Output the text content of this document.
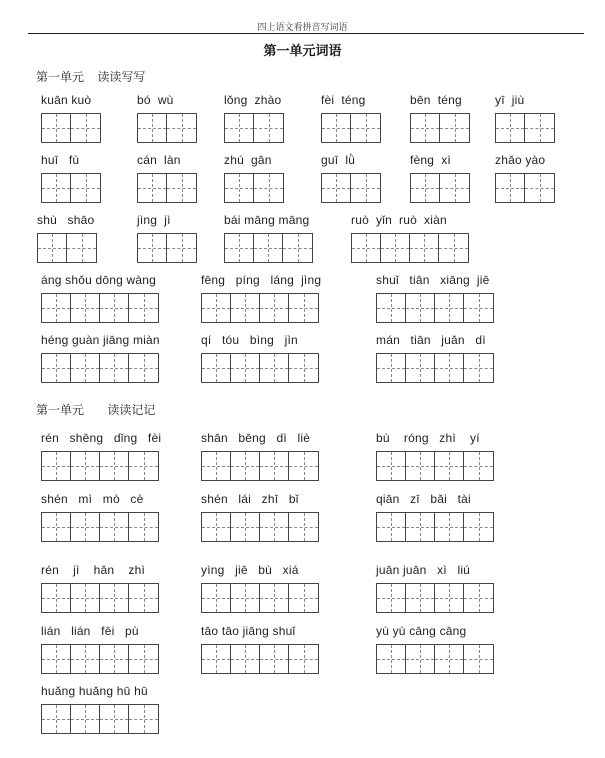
四上语文看拼音写词语
第一单元词语
第一单元    读读写写
第一单元       读读记记
kuān kuò	bó  wù	lǒng  zhào	fèi  téng	bēn  téng	yī  jiù
huī   fù	cán  làn	zhú  gān	guī  lǜ	fèng  xì	zhǎo yào
shù   shāo	jìng  jì	bái māng māng	ruò  yǐn  ruò  xiàn
áng shǒu dōng wàng	fēng   píng   láng  jìng	shuǐ   tiān   xiāng  jiē
héng guàn jiāng miàn	qí   tóu   bìng   jìn	mán   tiān   juǎn   dì
rén   shēng   dǐng   fèi	shān   bēng   dì   liè	bù    róng   zhì    yí
shén   mì   mò   cè	shén   lái   zhī   bǐ	qiān   zī   bǎi   tài
rén    jì    hǎn    zhì	yìng   jiē   bù   xiá	juān juān   xì   liú
lián   lián   fēi   pù	tāo tāo jiāng shuǐ	yù yù cāng cāng
huǎng huǎng hū hū
